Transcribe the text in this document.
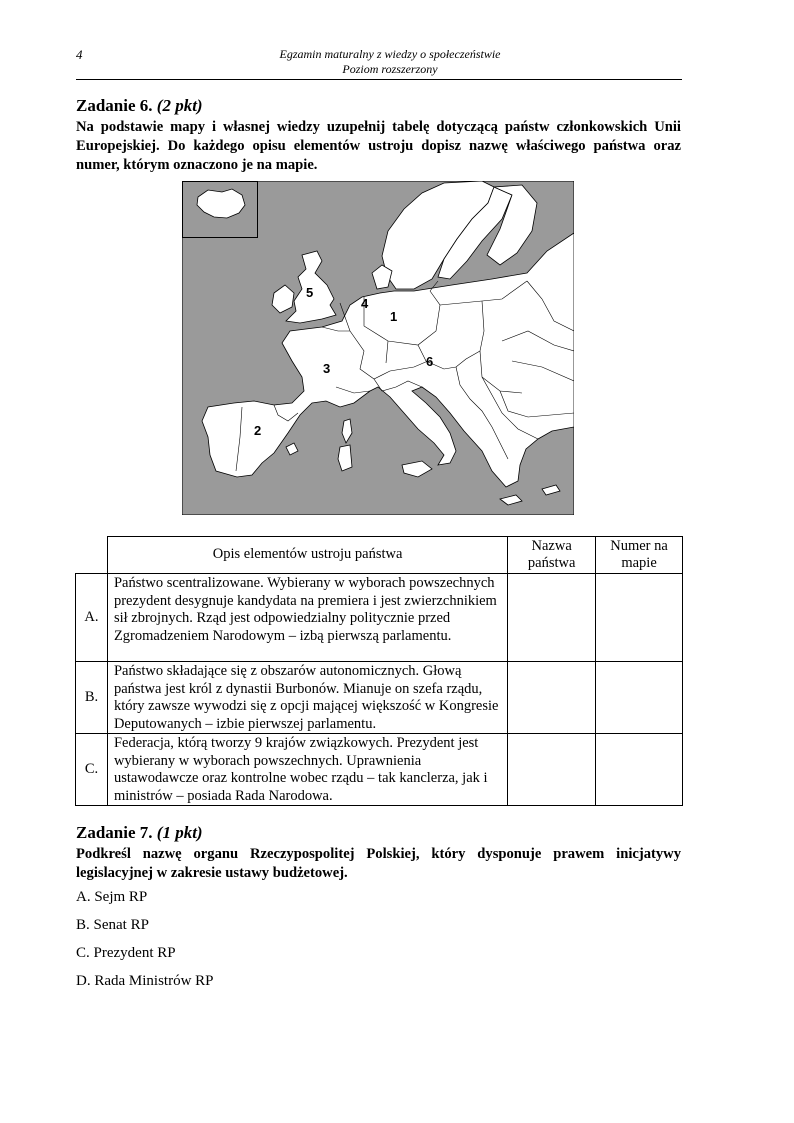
4	Egzamin maturalny z wiedzy o społeczeństwie
Poziom rozszerzony
Zadanie 6. (2 pkt)
Na podstawie mapy i własnej wiedzy uzupełnij tabelę dotyczącą państw członkowskich Unii Europejskiej. Do każdego opisu elementów ustroju dopisz nazwę właściwego państwa oraz numer, którym oznaczono je na mapie.
1
2
3
4
5
6
	Opis elementów ustroju państwa	Nazwa państwa	Numer na mapie
A.	Państwo scentralizowane. Wybierany w wyborach powszechnych prezydent desygnuje kandydata na premiera i jest zwierzchnikiem sił zbrojnych. Rząd jest odpowiedzialny politycznie przed Zgromadzeniem Narodowym – izbą pierwszą parlamentu.		
B.	Państwo składające się z obszarów autonomicznych. Głową państwa jest król z dynastii Burbonów. Mianuje on szefa rządu, który zawsze wywodzi się z opcji mającej większość w Kongresie Deputowanych – izbie pierwszej parlamentu.		
C.	Federacja, którą tworzy 9 krajów związkowych. Prezydent jest wybierany w wyborach powszechnych. Uprawnienia ustawodawcze oraz kontrolne wobec rządu – tak kanclerza, jak i ministrów – posiada Rada Narodowa.		
Zadanie 7. (1 pkt)
Podkreśl nazwę organu Rzeczypospolitej Polskiej, który dysponuje prawem inicjatywy legislacyjnej w zakresie ustawy budżetowej.
A. Sejm RP
B. Senat RP
C. Prezydent RP
D. Rada Ministrów RP
